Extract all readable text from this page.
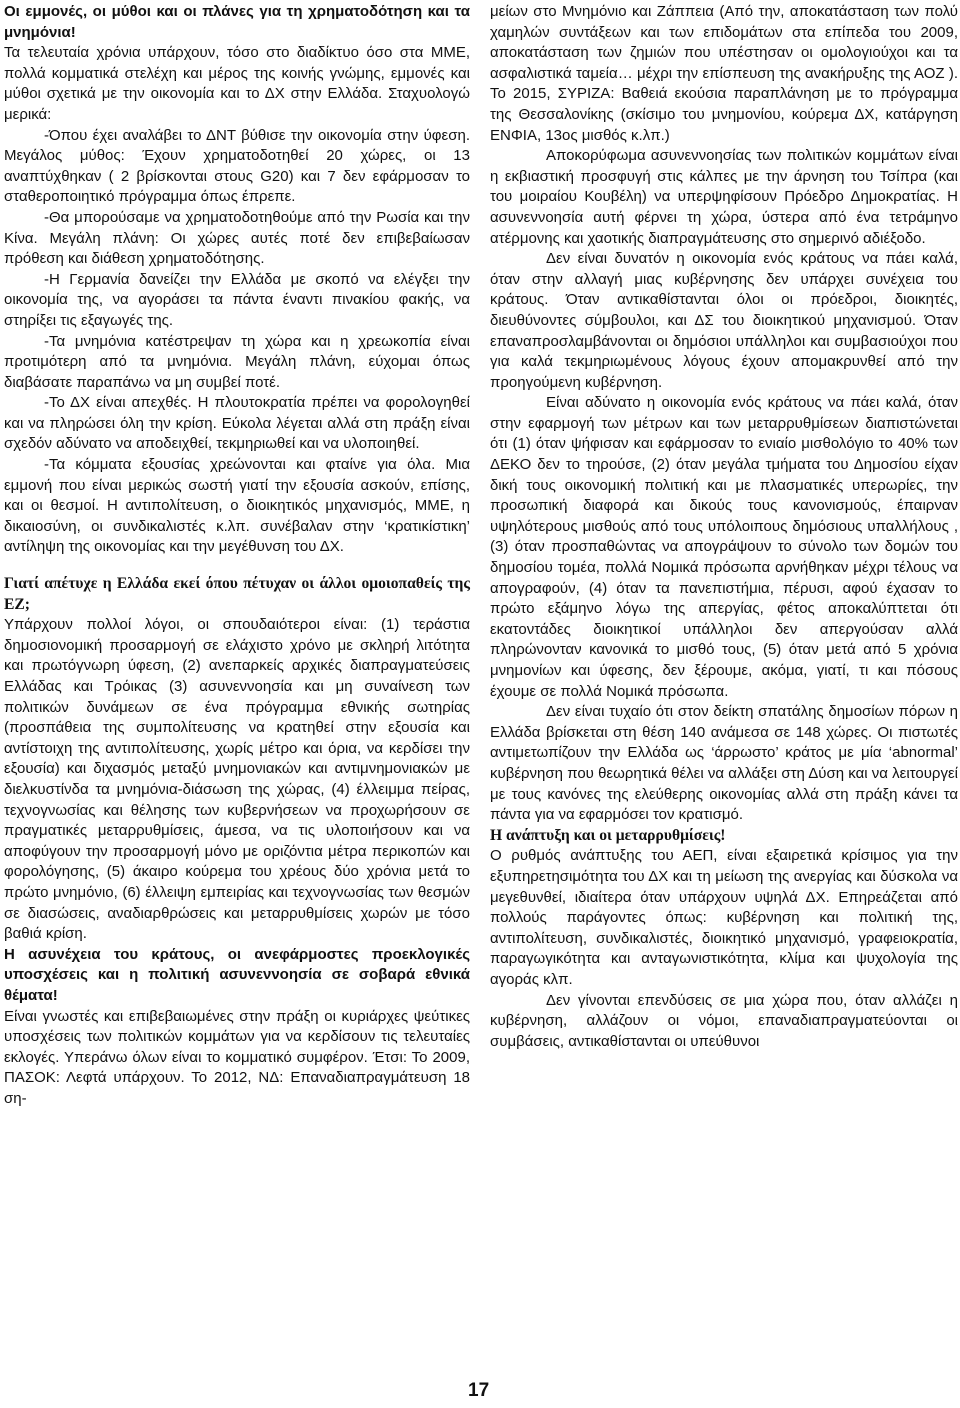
Οι εμμονές, οι μύθοι και οι πλάνες για τη χρηματοδότηση και τα μνημόνια!

Τα τελευταία χρόνια υπάρχουν, τόσο στο διαδίκτυο όσο στα ΜΜΕ, πολλά κομματικά στελέχη και μέρος της κοινής γνώμης, εμμονές και μύθοι σχετικά με την οικονομία και το ΔΧ στην Ελλάδα. Σταχυολογώ μερικά:

-Όπου έχει αναλάβει το ΔΝΤ βύθισε την οικονομία στην ύφεση. Μεγάλος μύθος: Έχουν χρηματοδοτηθεί 20 χώρες, οι 13 αναπτύχθηκαν ( 2 βρίσκονται στους G20) και 7 δεν εφάρμοσαν το σταθεροποιητικό πρόγραμμα όπως έπρεπε.

-Θα μπορούσαμε να χρηματοδοτηθούμε από την Ρωσία και την Κίνα. Μεγάλη πλάνη: Οι χώρες αυτές ποτέ δεν επιβεβαίωσαν πρόθεση και διάθεση χρηματοδότησης.

-Η Γερμανία δανείζει την Ελλάδα με σκοπό να ελέγξει την οικονομία της, να αγοράσει τα πάντα έναντι πινακίου φακής, να στηρίξει τις εξαγωγές της.

-Τα μνημόνια κατέστρεψαν τη χώρα και η χρεωκοπία είναι προτιμότερη από τα μνημόνια. Μεγάλη πλάνη, εύχομαι όπως διαβάσατε παραπάνω να μη συμβεί ποτέ.

-Το ΔΧ είναι απεχθές. Η πλουτοκρατία πρέπει να φορολογηθεί και να πληρώσει όλη την κρίση. Εύκολα λέγεται αλλά στη πράξη είναι σχεδόν αδύνατο να αποδειχθεί, τεκμηριωθεί και να υλοποιηθεί.

-Τα κόμματα εξουσίας χρεώνονται και φταίνε για όλα. Μια εμμονή που είναι μερικώς σωστή γιατί την εξουσία ασκούν, επίσης, και οι θεσμοί. Η αντιπολίτευση, ο διοικητικός μηχανισμός, ΜΜΕ, η δικαιοσύνη, οι συνδικαλιστές κ.λπ. συνέβαλαν στην ‘κρατικίστικη’ αντίληψη της οικονομίας και την μεγέθυνση του ΔΧ.

Γιατί απέτυχε η Ελλάδα εκεί όπου πέτυχαν οι άλλοι ομοιοπαθείς της ΕΖ;

Υπάρχουν πολλοί λόγοι, οι σπουδαιότεροι είναι: (1) τεράστια δημοσιονομική προσαρμογή σε ελάχιστο χρόνο με σκληρή λιτότητα και πρωτόγνωρη ύφεση, (2) ανεπαρκείς αρχικές διαπραγματεύσεις Ελλάδας και Τρόικας (3) ασυνεννοησία και μη συναίνεση των πολιτικών δυνάμεων σε ένα πρόγραμμα εθνικής σωτηρίας (προσπάθεια της συμπολίτευσης να κρατηθεί στην εξουσία και αντίστοιχη της αντιπολίτευσης, χωρίς μέτρο και όρια, να κερδίσει την εξουσία) και διχασμός μεταξύ μνημονιακών και αντιμνημονιακών με διελκυστίνδα τα μνημόνια-διάσωση της χώρας, (4) έλλειμμα πείρας, τεχνογνωσίας και θέλησης των κυβερνήσεων να προχωρήσουν σε πραγματικές μεταρρυθμίσεις, άμεσα, να τις υλοποιήσουν και να αποφύγουν την προσαρμογή μόνο με οριζόντια μέτρα περικοπών και φορολόγησης, (5) άκαιρο κούρεμα του χρέους δύο χρόνια μετά το πρώτο μνημόνιο, (6) έλλειψη εμπειρίας και τεχνογνωσίας των θεσμών σε διασώσεις, αναδιαρθρώσεις και μεταρρυθμίσεις χωρών με τόσο βαθιά κρίση.

Η ασυνέχεια του κράτους, οι ανεφάρμοστες προεκλογικές υποσχέσεις και η πολιτική ασυνεννοησία σε σοβαρά εθνικά θέματα!

Είναι γνωστές και επιβεβαιωμένες στην πράξη οι κυριάρχες ψεύτικες υποσχέσεις των πολιτικών κομμάτων για να κερδίσουν τις τελευταίες εκλογές. Υπεράνω όλων είναι το κομματικό συμφέρον. Έτσι: Το 2009, ΠΑΣΟΚ: Λεφτά υπάρχουν. Το 2012, ΝΔ: Επαναδιαπραγμάτευση 18 ση-

μείων στο Μνημόνιο και Ζάππεια (Από την, αποκατάσταση των πολύ χαμηλών συντάξεων και των επιδομάτων στα επίπεδα του 2009, αποκατάσταση των ζημιών που υπέστησαν οι ομολογιούχοι και τα ασφαλιστικά ταμεία… μέχρι την επίσπευση της ανακήρυξης της ΑΟΖ ). Το 2015, ΣΥΡΙΖΑ: Βαθειά εκούσια παραπλάνηση με το πρόγραμμα της Θεσσαλονίκης (σκίσιμο του μνημονίου, κούρεμα ΔΧ, κατάργηση ΕΝΦΙΑ, 13ος μισθός κ.λπ.)

Αποκορύφωμα ασυνεννοησίας των πολιτικών κομμάτων είναι η εκβιαστική προσφυγή στις κάλπες με την άρνηση του Τσίπρα (και του μοιραίου Κουβέλη) να υπερψηφίσουν Πρόεδρο Δημοκρατίας. Η ασυνεννοησία αυτή φέρνει τη χώρα, ύστερα από ένα τετράμηνο ατέρμονης και χαοτικής διαπραγμάτευσης στο σημερινό αδιέξοδο.

Δεν είναι δυνατόν η οικονομία ενός κράτους να πάει καλά, όταν στην αλλαγή μιας κυβέρνησης δεν υπάρχει συνέχεια του κράτους. Όταν αντικαθίστανται όλοι οι πρόεδροι, διοικητές, διευθύνοντες σύμβουλοι, και ΔΣ του διοικητικού μηχανισμού. Όταν επαναπροσλαμβάνονται οι δημόσιοι υπάλληλοι και συμβασιούχοι που για καλά τεκμηριωμένους λόγους έχουν απομακρυνθεί από την προηγούμενη κυβέρνηση.

Είναι αδύνατο η οικονομία ενός κράτους να πάει καλά, όταν στην εφαρμογή των μέτρων και των μεταρρυθμίσεων διαπιστώνεται ότι (1) όταν ψήφισαν και εφάρμοσαν το ενιαίο μισθολόγιο το 40% των ΔΕΚΟ δεν το τηρούσε, (2) όταν μεγάλα τμήματα του Δημοσίου είχαν δική τους οικονομική πολιτική και με πλασματικές υπερωρίες, την προσωπική διαφορά και δικούς τους κανονισμούς, έπαιρναν υψηλότερους μισθούς από τους υπόλοιπους δημόσιους υπαλλήλους , (3) όταν προσπαθώντας να απογράψουν το σύνολο των δομών του δημοσίου τομέα, πολλά Νομικά πρόσωπα αρνήθηκαν μέχρι τέλους να απογραφούν, (4) όταν τα πανεπιστήμια, πέρυσι, αφού έχασαν το πρώτο εξάμηνο λόγω της απεργίας, φέτος αποκαλύπτεται ότι εκατοντάδες διοικητικοί υπάλληλοι δεν απεργούσαν αλλά πληρώνονταν κανονικά το μισθό τους, (5) όταν μετά από 5 χρόνια μνημονίων και ύφεσης, δεν ξέρουμε, ακόμα, γιατί, τι και πόσους έχουμε σε πολλά Νομικά πρόσωπα.

Δεν είναι τυχαίο ότι στον δείκτη σπατάλης δημοσίων πόρων η Ελλάδα βρίσκεται στη θέση 140 ανάμεσα σε 148 χώρες. Οι πιστωτές αντιμετωπίζουν την Ελλάδα ως ‘άρρωστο’ κράτος με μία ‘abnormal’ κυβέρνηση που θεωρητικά θέλει να αλλάξει στη Δύση και να λειτουργεί με τους κανόνες της ελεύθερης οικονομίας αλλά στη πράξη κάνει τα πάντα για να εφαρμόσει τον κρατισμό.

Η ανάπτυξη και οι μεταρρυθμίσεις!

Ο ρυθμός ανάπτυξης του ΑΕΠ, είναι εξαιρετικά κρίσιμος για την εξυπηρετησιμότητα του ΔΧ και τη μείωση της ανεργίας και δύσκολα να μεγεθυνθεί, ιδιαίτερα όταν υπάρχουν υψηλά ΔΧ. Επηρεάζεται από πολλούς παράγοντες όπως: κυβέρνηση και πολιτική της, αντιπολίτευση, συνδικαλιστές, διοικητικό μηχανισμό, γραφειοκρατία, παραγωγικότητα και ανταγωνιστικότητα, κλίμα και ψυχολογία της αγοράς κλπ.

Δεν γίνονται επενδύσεις σε μια χώρα που, όταν αλλάζει η κυβέρνηση, αλλάζουν οι νόμοι, επαναδιαπραγματεύονται οι συμβάσεις, αντικαθίστανται οι υπεύθυνοι

17
